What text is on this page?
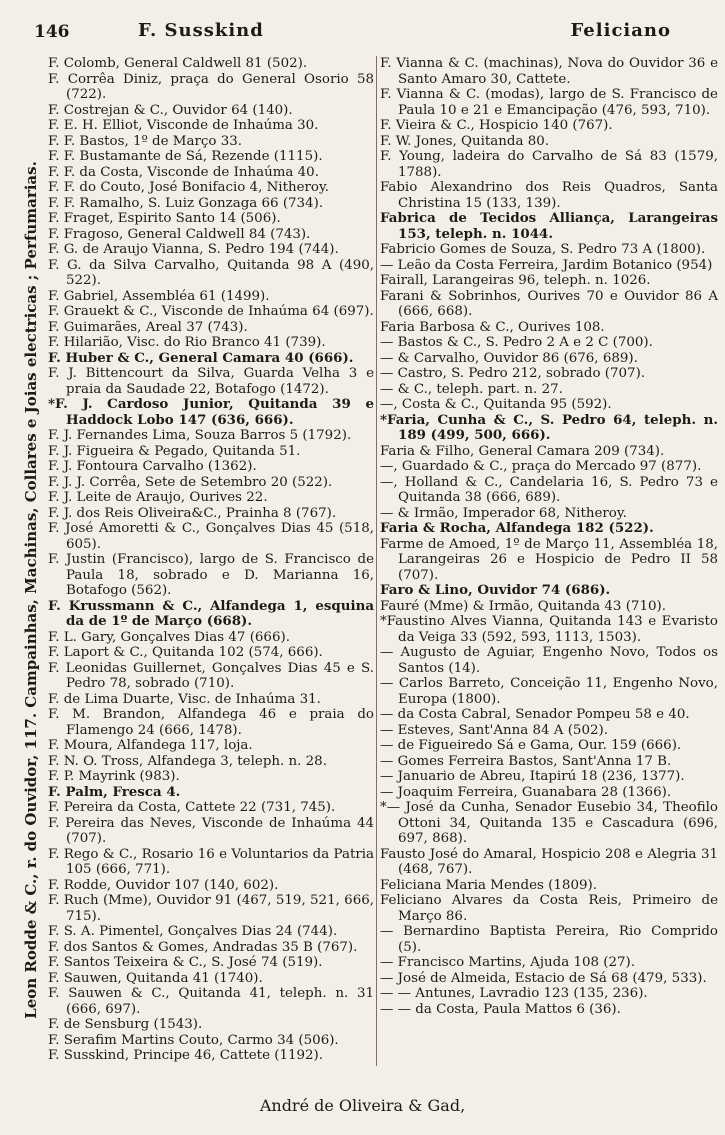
146	F. Susskind	Feliciano
Leon Rodde & C., r. do Ouvidor, 117. Campainhas, Machinas, Collares e Joias electricas ; Perfumarias.
F. Colomb, General Caldwell 81 (502).
F. Corrêa Diniz, praça do General Osorio 58 (722).
F. Costrejan & C., Ouvidor 64 (140).
F. E. H. Elliot, Visconde de Inhaúma 30.
F. F. Bastos, 1º de Março 33.
F. F. Bustamante de Sá, Rezende (1115).
F. F. da Costa, Visconde de Inhaúma 40.
F. F. do Couto, José Bonifacio 4, Nitheroy.
F. F. Ramalho, S. Luiz Gonzaga 66 (734).
F. Fraget, Espirito Santo 14 (506).
F. Fragoso, General Caldwell 84 (743).
F. G. de Araujo Vianna, S. Pedro 194 (744).
F. G. da Silva Carvalho, Quitanda 98 A (490, 522).
F. Gabriel, Assembléa 61 (1499).
F. Grauekt & C., Visconde de Inhaúma 64 (697).
F. Guimarães, Areal 37 (743).
F. Hilarião, Visc. do Rio Branco 41 (739).
F. Huber & C., General Camara 40 (666).
F. J. Bittencourt da Silva, Guarda Velha 3 e praia da Saudade 22, Botafogo (1472).
*F. J. Cardoso Junior, Quitanda 39 e Haddock Lobo 147 (636, 666).
F. J. Fernandes Lima, Souza Barros 5 (1792).
F. J. Figueira & Pegado, Quitanda 51.
F. J. Fontoura Carvalho (1362).
F. J. J. Corrêa, Sete de Setembro 20 (522).
F. J. Leite de Araujo, Ourives 22.
F. J. dos Reis Oliveira&C., Prainha 8 (767).
F. José Amoretti & C., Gonçalves Dias 45 (518, 605).
F. Justin (Francisco), largo de S. Francisco de Paula 18, sobrado e D. Marianna 16, Botafogo (562).
F. Krussmann & C., Alfandega 1, esquina da de 1º de Março (668).
F. L. Gary, Gonçalves Dias 47 (666).
F. Laport & C., Quitanda 102 (574, 666).
F. Leonidas Guillernet, Gonçalves Dias 45 e S. Pedro 78, sobrado (710).
F. de Lima Duarte, Visc. de Inhaúma 31.
F. M. Brandon, Alfandega 46 e praia do Flamengo 24 (666, 1478).
F. Moura, Alfandega 117, loja.
F. N. O. Tross, Alfandega 3, teleph. n. 28.
F. P. Mayrink (983).
F. Palm, Fresca 4.
F. Pereira da Costa, Cattete 22 (731, 745).
F. Pereira das Neves, Visconde de Inhaúma 44 (707).
F. Rego & C., Rosario 16 e Voluntarios da Patria 105 (666, 771).
F. Rodde, Ouvidor 107 (140, 602).
F. Ruch (Mme), Ouvidor 91 (467, 519, 521, 666, 715).
F. S. A. Pimentel, Gonçalves Dias 24 (744).
F. dos Santos & Gomes, Andradas 35 B (767).
F. Santos Teixeira & C., S. José 74 (519).
F. Sauwen, Quitanda 41 (1740).
F. Sauwen & C., Quitanda 41, teleph. n. 31 (666, 697).
F. de Sensburg (1543).
F. Serafim Martins Couto, Carmo 34 (506).
F. Susskind, Principe 46, Cattete (1192).
F. Vianna & C. (machinas), Nova do Ouvidor 36 e Santo Amaro 30, Cattete.
F. Vianna & C. (modas), largo de S. Francisco de Paula 10 e 21 e Emancipação (476, 593, 710).
F. Vieira & C., Hospicio 140 (767).
F. W. Jones, Quitanda 80.
F. Young, ladeira do Carvalho de Sá 83 (1579, 1788).
Fabio Alexandrino dos Reis Quadros, Santa Christina 15 (133, 139).
Fabrica de Tecidos Alliança, Larangeiras 153, teleph. n. 1044.
Fabricio Gomes de Souza, S. Pedro 73 A (1800).
— Leão da Costa Ferreira, Jardim Botanico (954)
Fairall, Larangeiras 96, teleph. n. 1026.
Farani & Sobrinhos, Ourives 70 e Ouvidor 86 A (666, 668).
Faria Barbosa & C., Ourives 108.
— Bastos & C., S. Pedro 2 A e 2 C (700).
— & Carvalho, Ouvidor 86 (676, 689).
— Castro, S. Pedro 212, sobrado (707).
— & C., teleph. part. n. 27.
—, Costa & C., Quitanda 95 (592).
*Faria, Cunha & C., S. Pedro 64, teleph. n. 189 (499, 500, 666).
Faria & Filho, General Camara 209 (734).
—, Guardado & C., praça do Mercado 97 (877).
—, Holland & C., Candelaria 16, S. Pedro 73 e Quitanda 38 (666, 689).
— & Irmão, Imperador 68, Nitheroy.
Faria & Rocha, Alfandega 182 (522).
Farme de Amoed, 1º de Março 11, Assembléa 18, Larangeiras 26 e Hospicio de Pedro II 58 (707).
Faro & Lino, Ouvidor 74 (686).
Fauré (Mme) & Irmão, Quitanda 43 (710).
*Faustino Alves Vianna, Quitanda 143 e Evaristo da Veiga 33 (592, 593, 1113, 1503).
— Augusto de Aguiar, Engenho Novo, Todos os Santos (14).
— Carlos Barreto, Conceição 11, Engenho Novo, Europa (1800).
— da Costa Cabral, Senador Pompeu 58 e 40.
— Esteves, Sant'Anna 84 A (502).
— de Figueiredo Sá e Gama, Our. 159 (666).
— Gomes Ferreira Bastos, Sant'Anna 17 B.
— Januario de Abreu, Itapirú 18 (236, 1377).
— Joaquim Ferreira, Guanabara 28 (1366).
*— José da Cunha, Senador Eusebio 34, Theofilo Ottoni 34, Quitanda 135 e Cascadura (696, 697, 868).
Fausto José do Amaral, Hospicio 208 e Alegria 31 (468, 767).
Feliciana Maria Mendes (1809).
Feliciano Alvares da Costa Reis, Primeiro de Março 86.
— Bernardino Baptista Pereira, Rio Comprido (5).
— Francisco Martins, Ajuda 108 (27).
— José de Almeida, Estacio de Sá 68 (479, 533).
— — Antunes, Lavradio 123 (135, 236).
— — da Costa, Paula Mattos 6 (36).
André de Oliveira & Gad,
